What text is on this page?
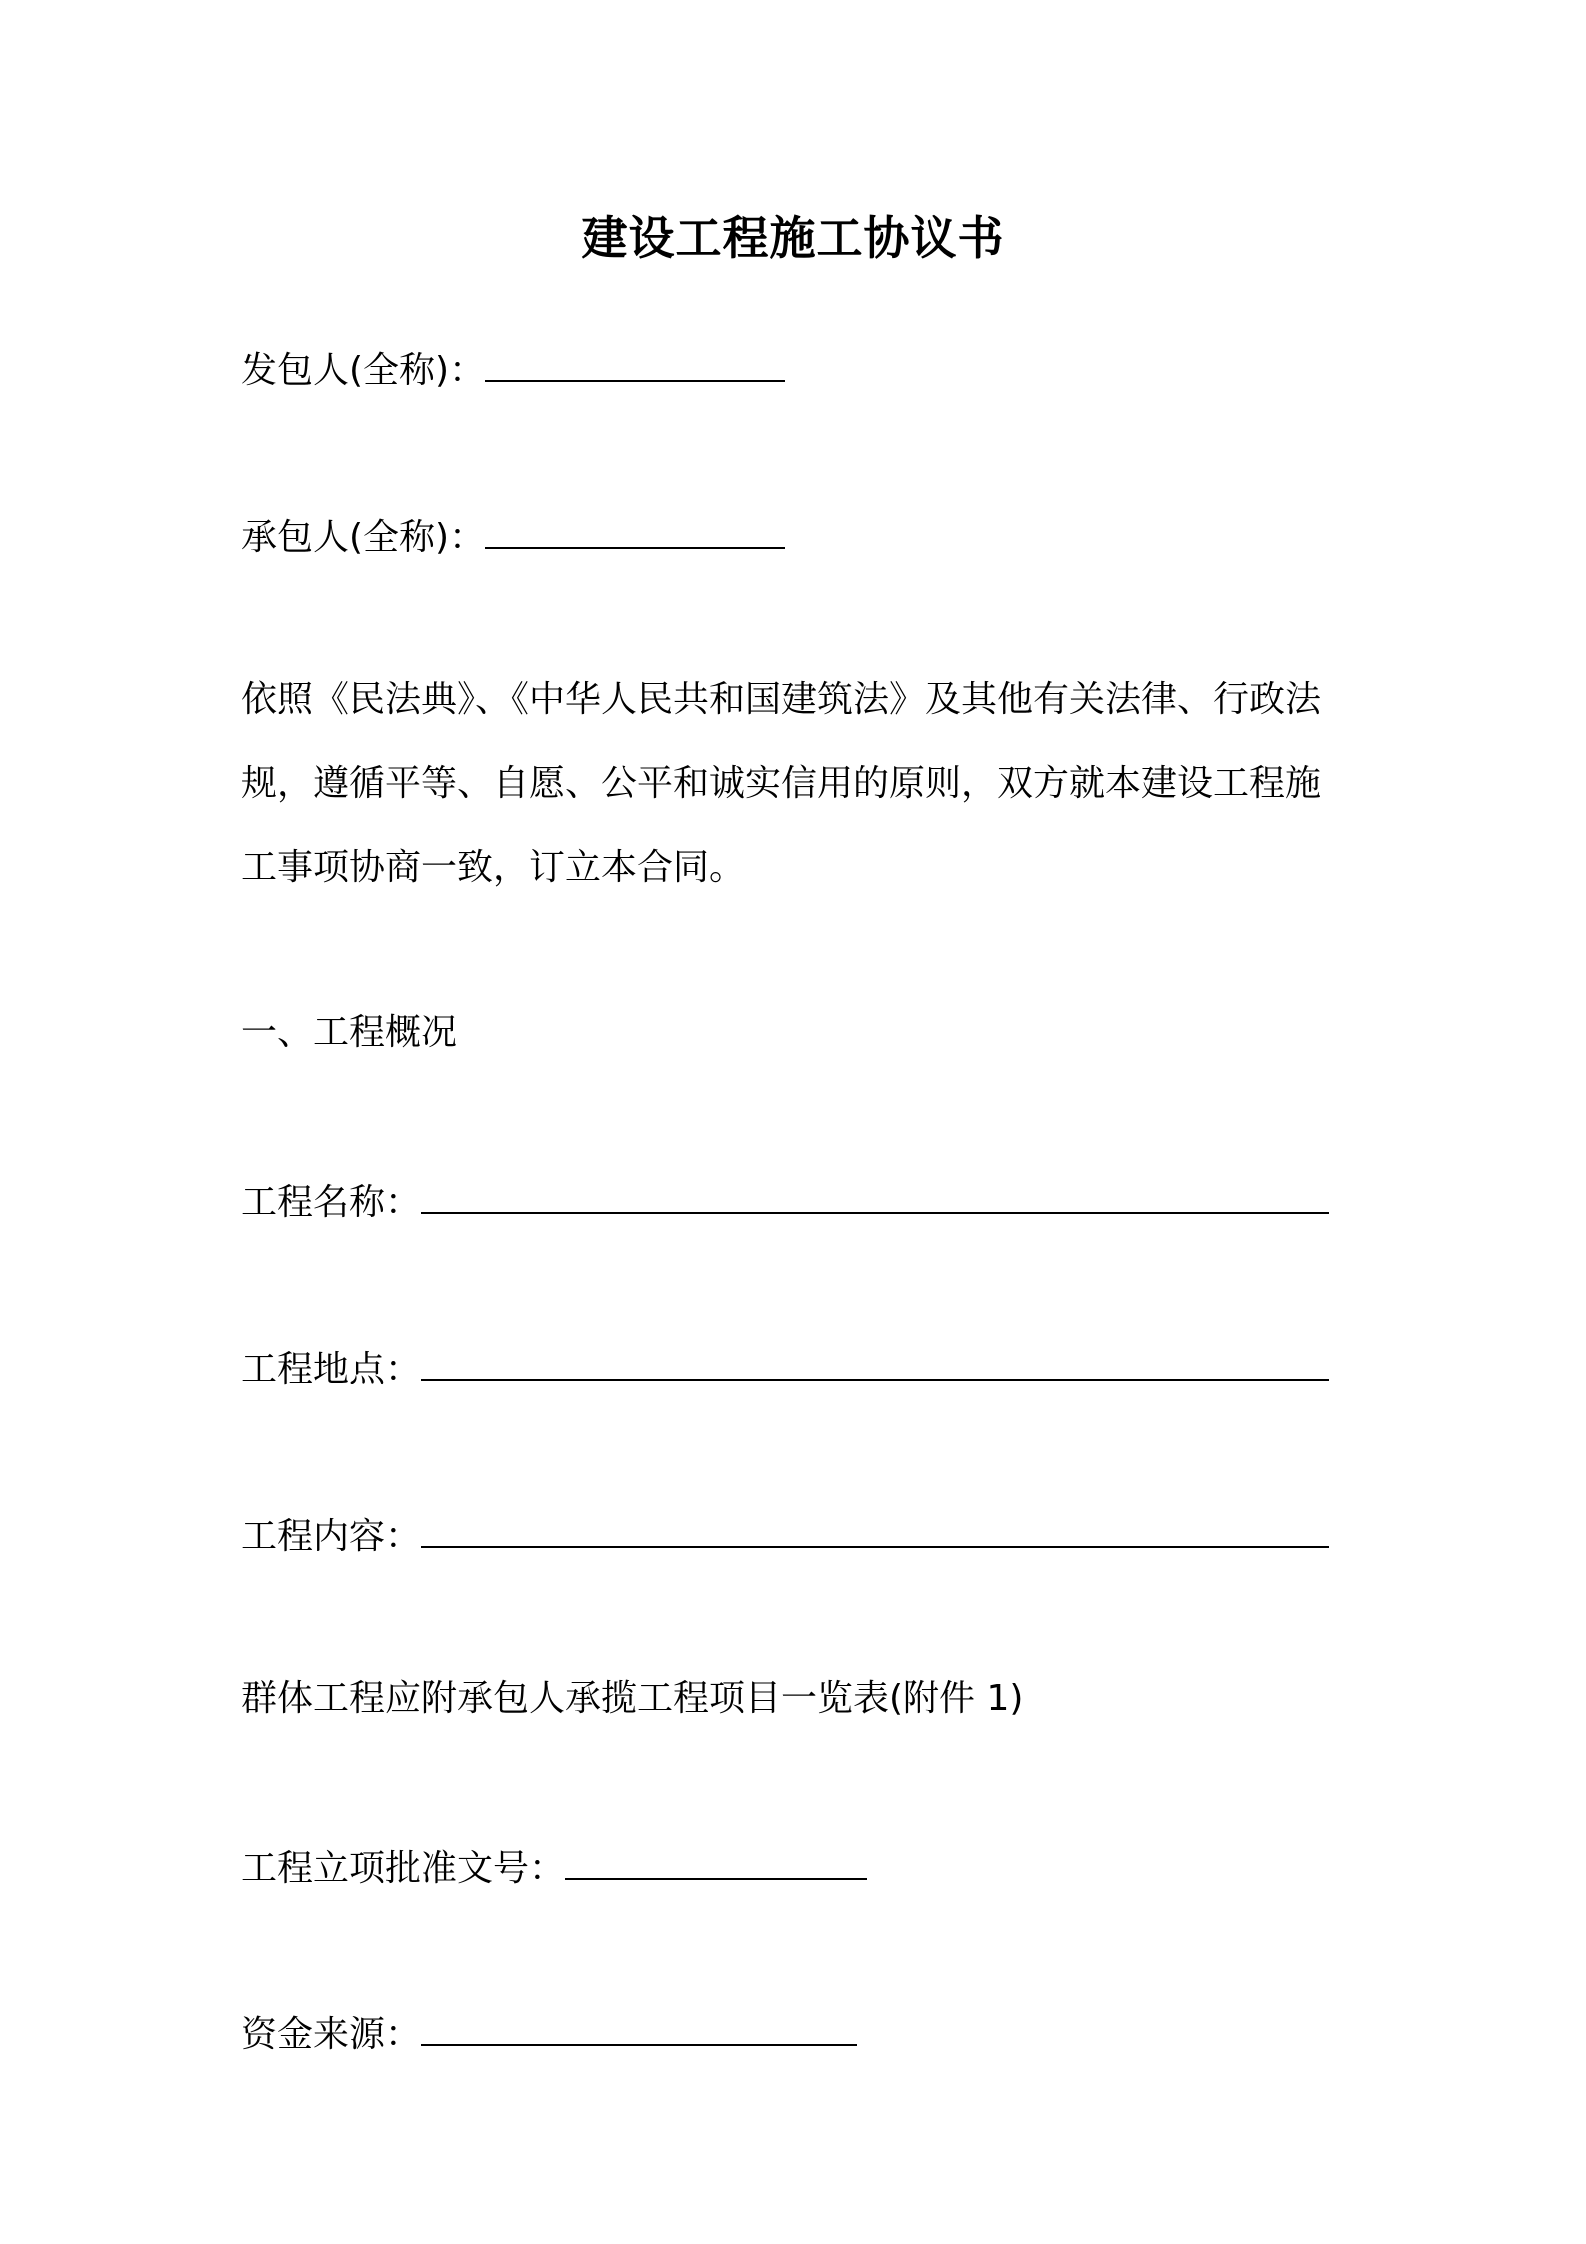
建设工程施工协议书
发包人(全称)：
承包人(全称)：
依照《民法典》、《中华人民共和国建筑法》及其他有关法律、行政法
规，遵循平等、自愿、公平和诚实信用的原则，双方就本建设工程施
工事项协商一致，订立本合同。
一、工程概况
工程名称：
工程地点：
工程内容：
群体工程应附承包人承揽工程项目一览表(附件 1)
工程立项批准文号：
资金来源：
